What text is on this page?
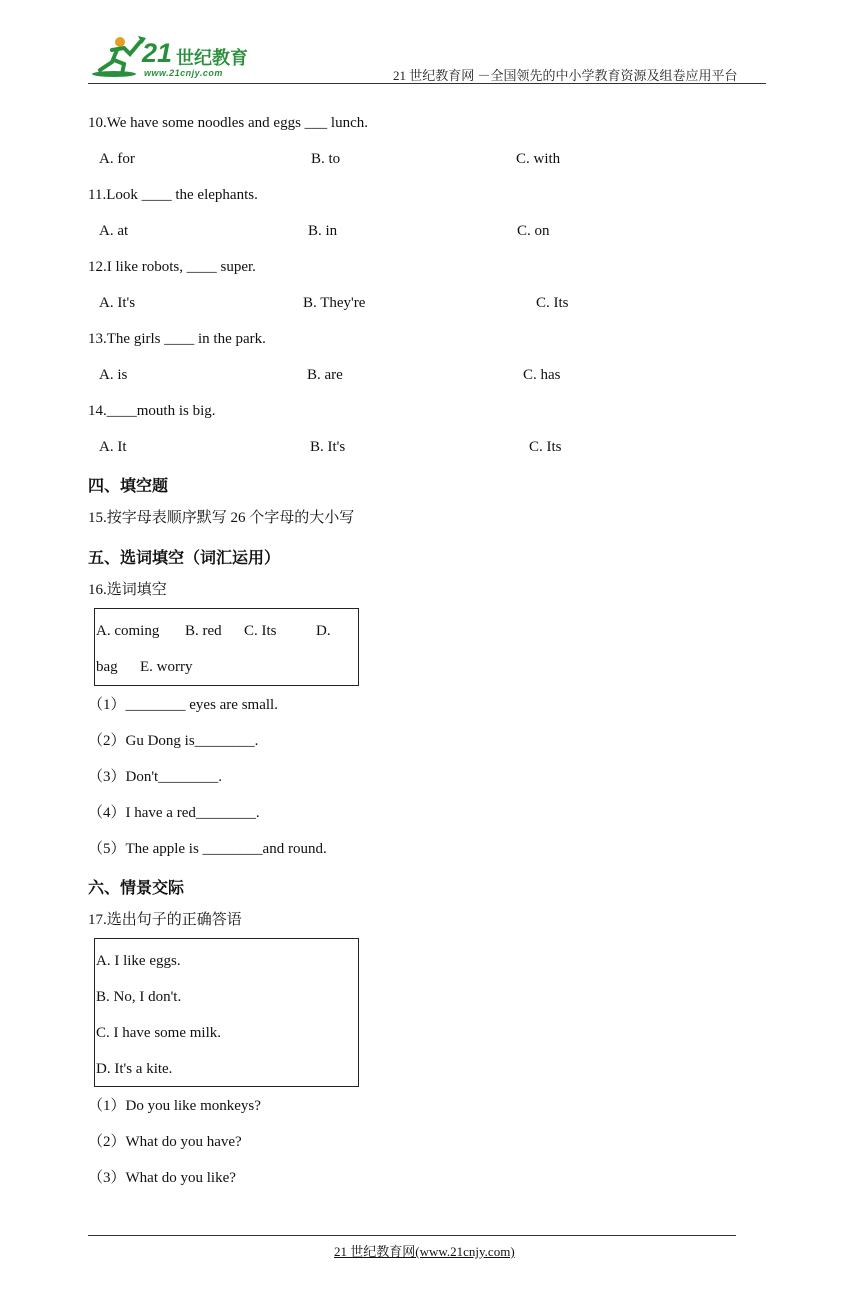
21 世纪教育
www.21cnjy.com	21 世纪教育网 －全国领先的中小学教育资源及组卷应用平台
10.We have some noodles and eggs ___ lunch.
A. for	B. to	C. with
11.Look ____ the elephants.
A. at	B. in	C. on
12.I like robots, ____ super.
A. It's	B. They're	C. Its
13.The girls ____ in the park.
A. is	B. are	C. has
14.____mouth is big.
A. It	B. It's	C. Its
四、填空题
15.按字母表顺序默写 26 个字母的大小写
五、选词填空（词汇运用）
16.选词填空
A. coming B. red C. Its	D.
bag E. worry
（1）________ eyes are small.
（2）Gu Dong is________.
（3）Don't________.
（4）I have a red________.
（5）The apple is ________and round.
六、情景交际
17.选出句子的正确答语
A. I like eggs.
B. No, I don't.
C. I have some milk.
D. It's a kite.
（1）Do you like monkeys?
（2）What do you have?
（3）What do you like?
21 世纪教育网(www.21cnjy.com)
